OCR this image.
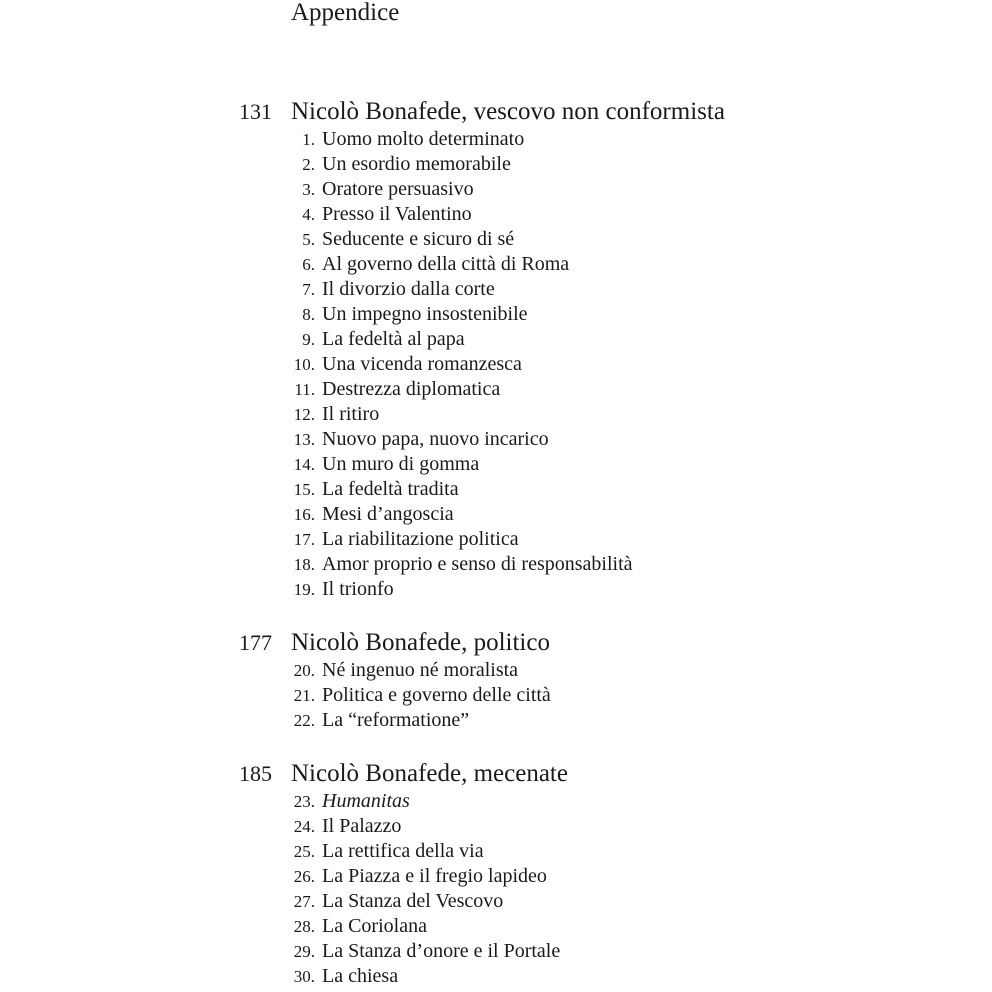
Appendice
131 Nicolò Bonafede, vescovo non conformista
1. Uomo molto determinato
2. Un esordio memorabile
3. Oratore persuasivo
4. Presso il Valentino
5. Seducente e sicuro di sé
6. Al governo della città di Roma
7. Il divorzio dalla corte
8. Un impegno insostenibile
9. La fedeltà al papa
10. Una vicenda romanzesca
11. Destrezza diplomatica
12. Il ritiro
13. Nuovo papa, nuovo incarico
14. Un muro di gomma
15. La fedeltà tradita
16. Mesi d’angoscia
17. La riabilitazione politica
18. Amor proprio e senso di responsabilità
19. Il trionfo
177 Nicolò Bonafede, politico
20. Né ingenuo né moralista
21. Politica e governo delle città
22. La “reformatione”
185 Nicolò Bonafede, mecenate
23. Humanitas
24. Il Palazzo
25. La rettifica della via
26. La Piazza e il fregio lapideo
27. La Stanza del Vescovo
28. La Coriolana
29. La Stanza d’onore e il Portale
30. La chiesa
